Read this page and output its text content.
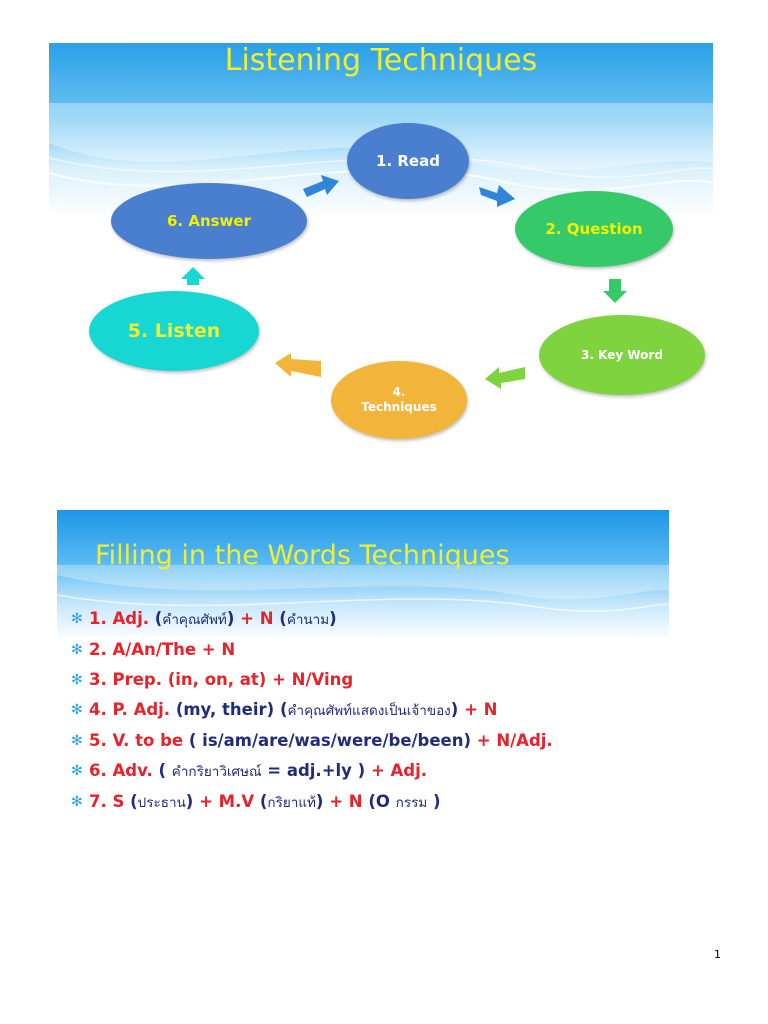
Listening Techniques
1. Read
2. Question
3. Key Word
4.
Techniques
5. Listen
6. Answer
Filling in the Words Techniques
✻ 1. Adj. (คำคุณศัพท์) + N (คำนาม)
✻ 2. A/An/The + N
✻ 3. Prep. (in, on, at) + N/Ving
✻ 4. P. Adj. (my, their) (คำคุณศัพท์แสดงเป็นเจ้าของ) + N
✻ 5. V. to be ( is/am/are/was/were/be/been) + N/Adj.
✻ 6. Adv. ( คำกริยาวิเศษณ์ = adj.+ly ) + Adj.
✻ 7. S (ประธาน) + M.V (กริยาแท้) + N (O กรรม )
1
